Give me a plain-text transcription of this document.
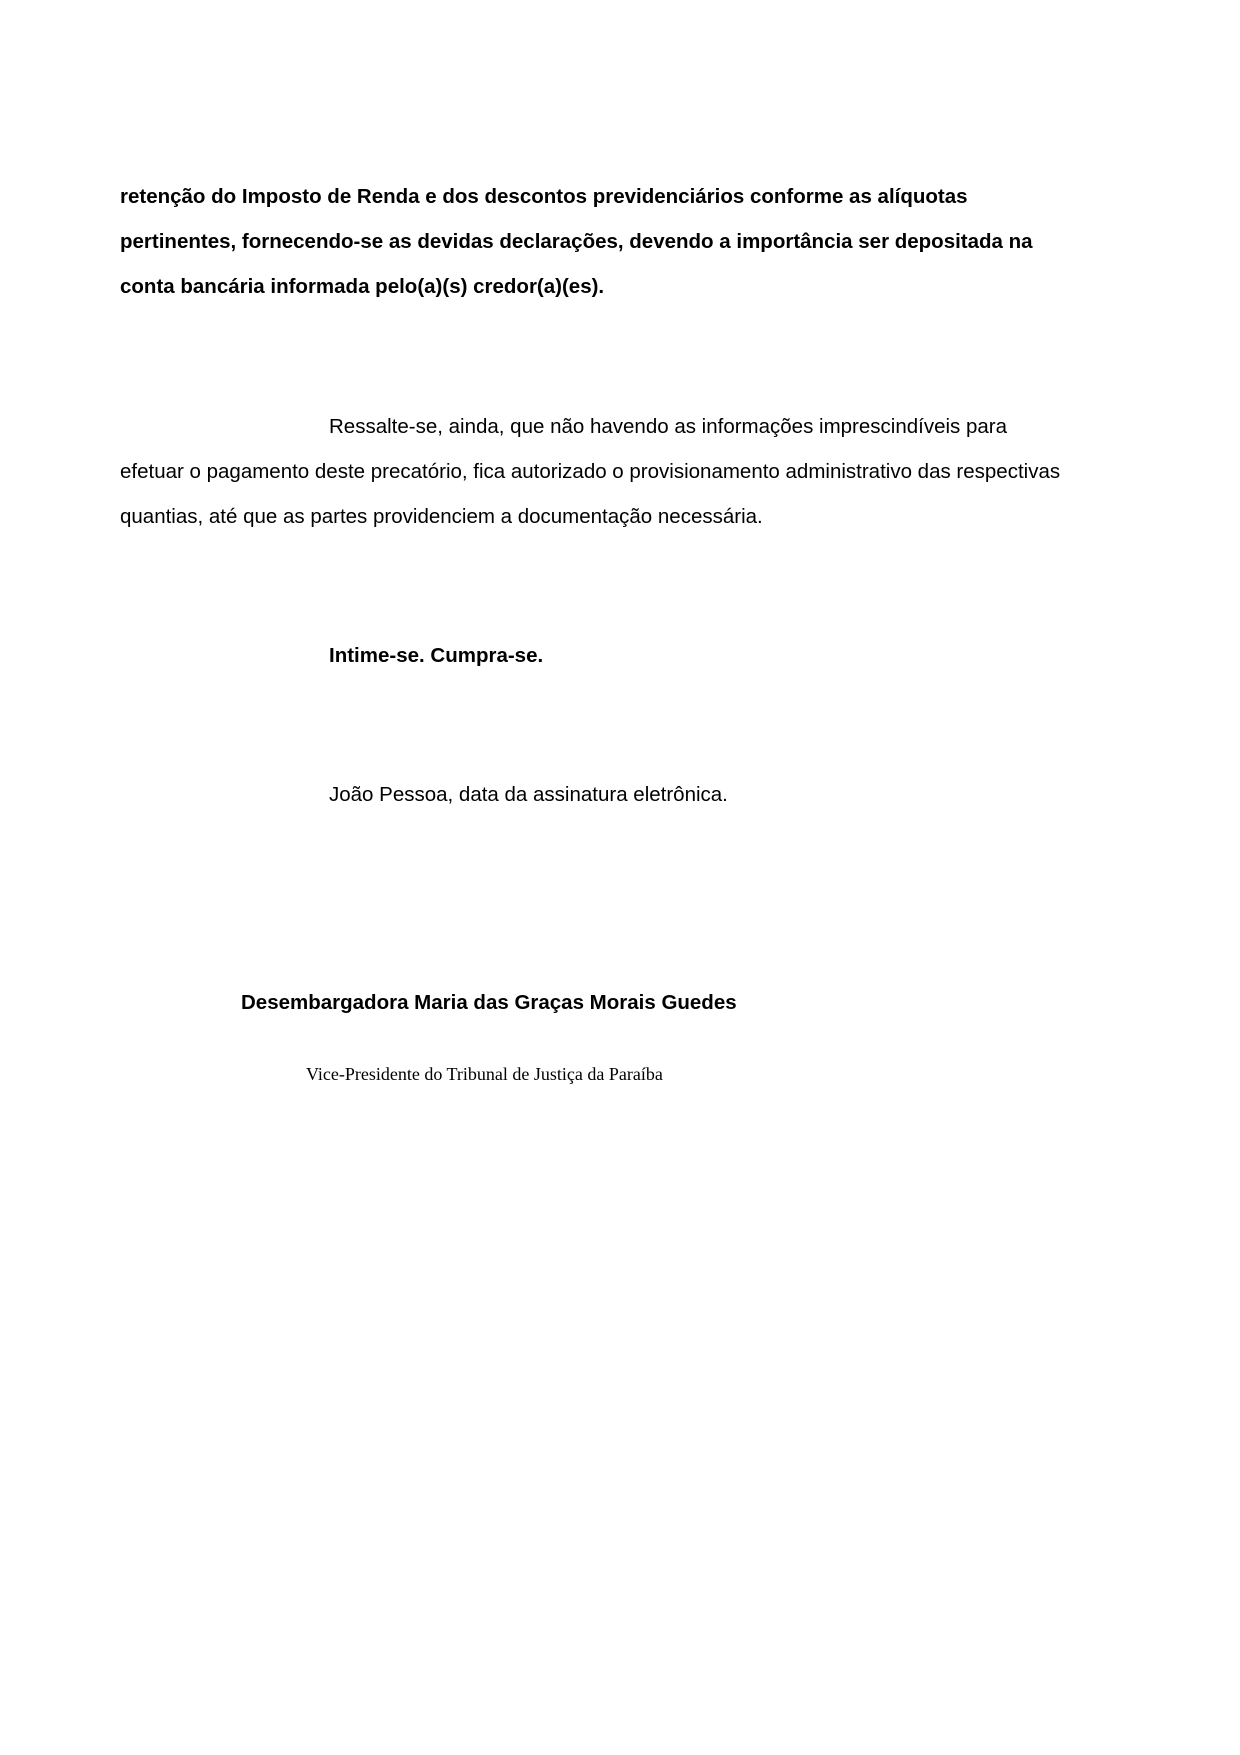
retenção do Imposto de Renda e dos descontos previdenciários conforme as alíquotas
pertinentes, fornecendo-se as devidas declarações, devendo a importância ser depositada na
conta bancária informada pelo(a)(s) credor(a)(es).
Ressalte-se, ainda, que não havendo as informações imprescindíveis para
efetuar o pagamento deste precatório, fica autorizado o provisionamento administrativo das respectivas
quantias, até que as partes providenciem a documentação necessária.
Intime-se. Cumpra-se.
João Pessoa, data da assinatura eletrônica.
Desembargadora Maria das Graças Morais Guedes
Vice-Presidente do Tribunal de Justiça da Paraíba
